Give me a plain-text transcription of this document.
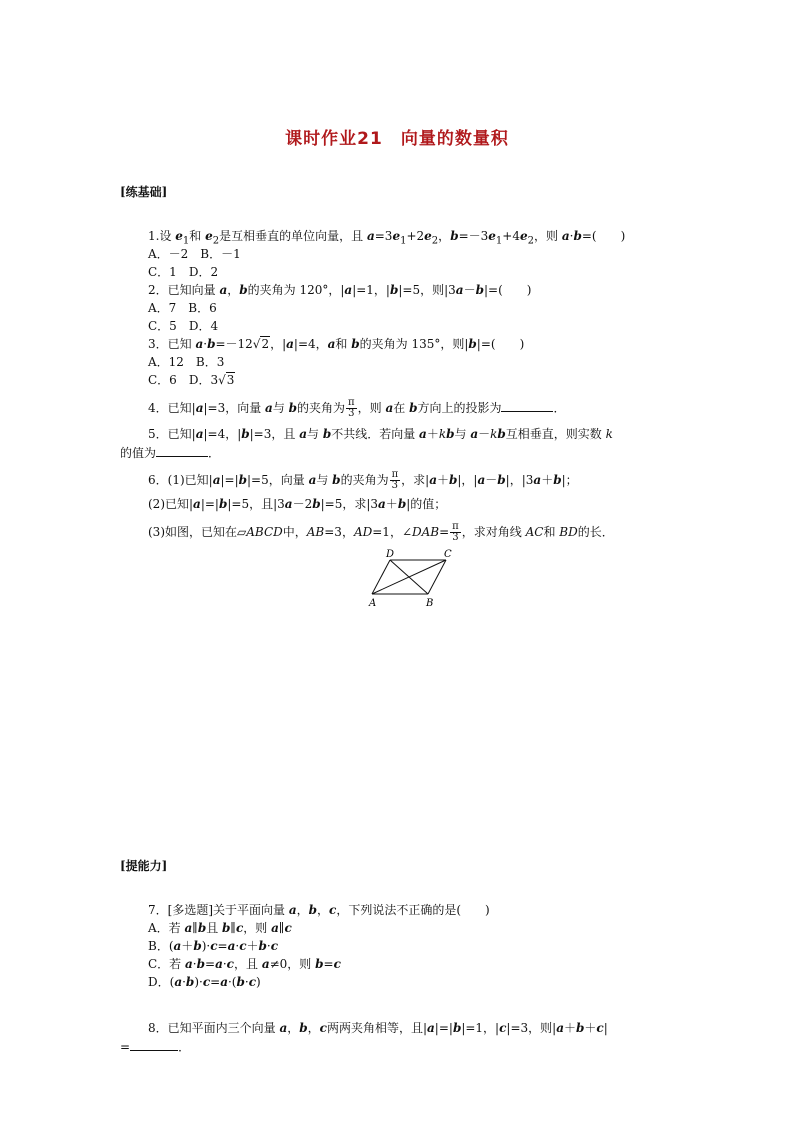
课时作业21　向量的数量积
[练基础]
1.设 $e_1$和 $e_2$是互相垂直的单位向量，且 $a=3e_1+2e_2$，$b=-3e_1+4e_2$，则 a·b=(　　)
A．－2　B．－1
C．1　D．2
2．已知向量 a，b的夹角为 120°，|a|=1，|b|=5，则|3a－b|=(　　)
A．7　B．6
C．5　D．4
3．已知 a·b=－12√2，|a|=4，a和 b的夹角为 135°，则|b|=(　　)
A．12　B．3
C．6　D．3√3
4．已知|a|=3，向量 a与 b的夹角为 $\frac{\pi}{3}$ ，则 a在 b方向上的投影为	．
5．已知|a|=4，|b|=3，且 a与 b不共线．若向量 a＋kb与 a－kb互相垂直，则实数 k
的值为	．
6．(1)已知|a|=|b|=5，向量 a与 b的夹角为 $\frac{\pi}{3}$ ，求|a＋b|，|a－b|，|3a＋b|；
(2)已知|a|=|b|=5，且|3a－2b|=5，求|3a＋b|的值；
(3)如图，已知在▱ABCD中，AB=3，AD=1，∠DAB= $\frac{\pi}{3}$ ，求对角线 AC和 BD的长．
A	B
C
D
[提能力]
7．[多选题]关于平面向量 a，b，c，下列说法不正确的是(　　)
A．若 a∥b且 b∥c，则 a∥c
B．(a＋b)·c=a·c＋b·c
C．若 a·b=a·c，且 a≠0，则 b=c
D．(a·b)·c=a·(b·c)
8．已知平面内三个向量 a，b，c两两夹角相等，且|a|=|b|=1，|c|=3，则|a＋b＋c|
=	．
